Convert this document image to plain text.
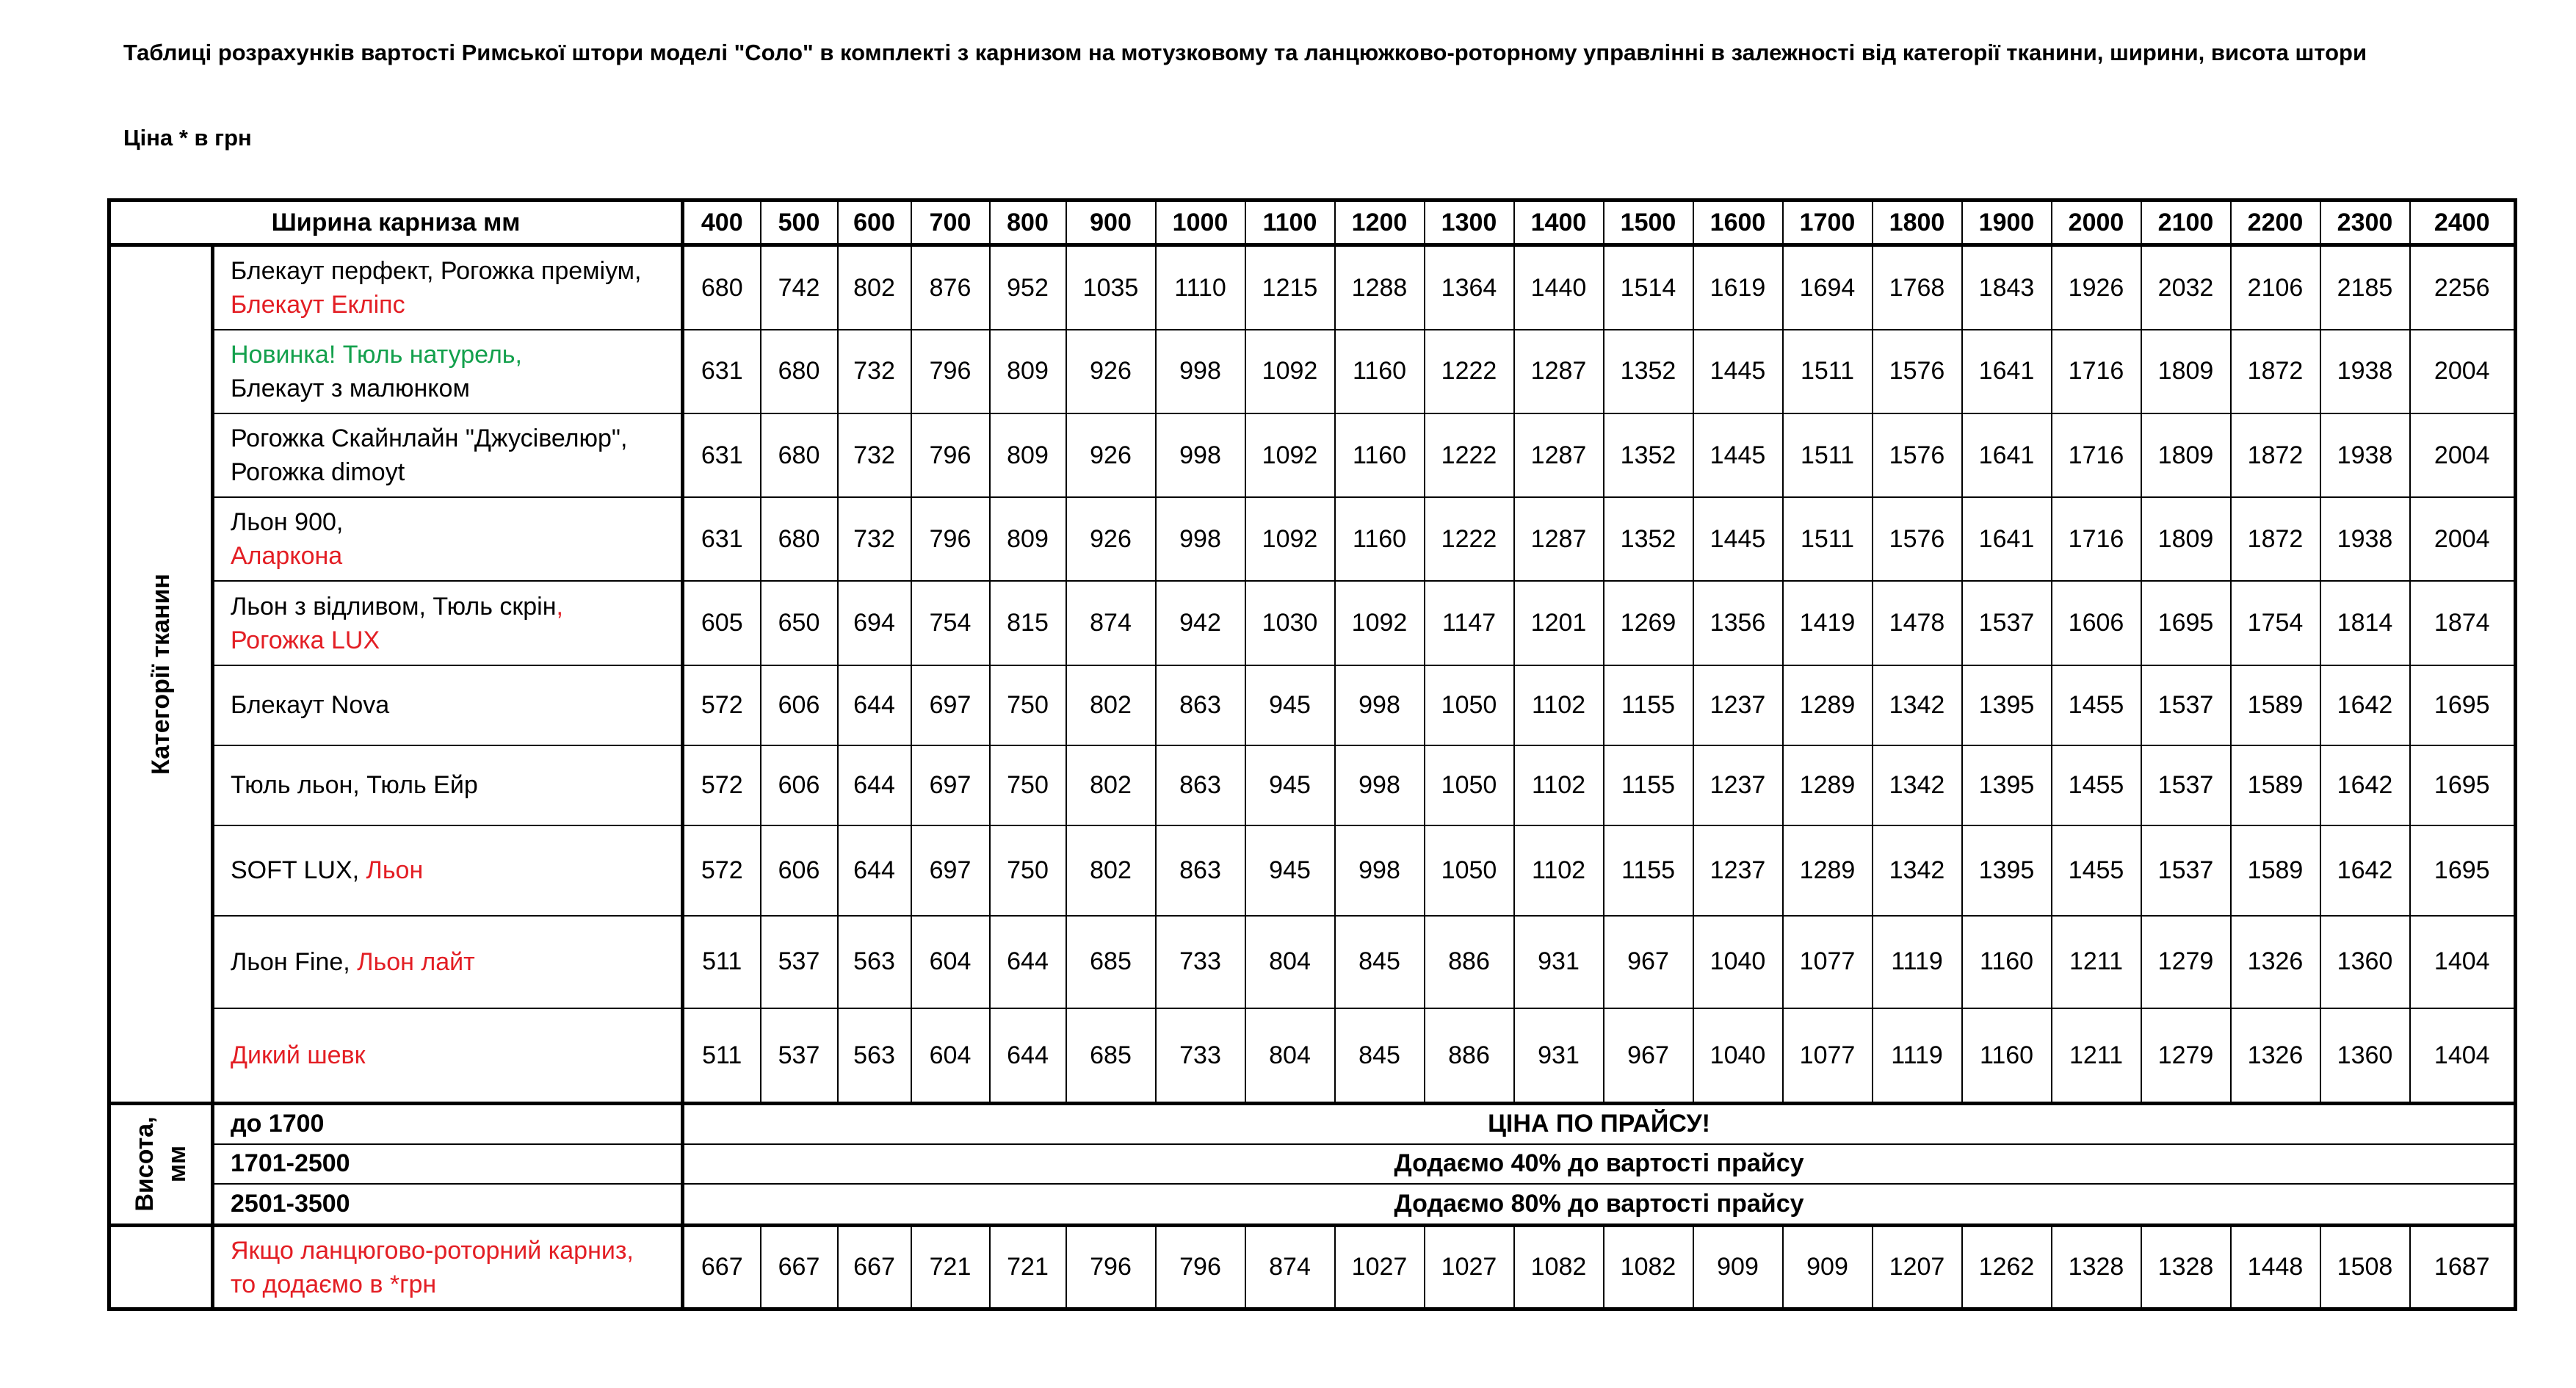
Таблиці розрахунків вартості Римської штори моделі "Соло" в комплекті з карнизом на мотузковому та ланцюжково-роторному управлінні в залежності від категорії тканини, ширини, висота штори
Ціна * в грн
Ширина карниза мм		400	500	600	700	800	900	1000	1100	1200	1300	1400	1500	1600	1700	1800	1900	2000	2100	2200	2300	2400

Категорії тканин	Блекаут перфект, Рогожка преміум,
Блекаут Екліпс	680	742	802	876	952	1035	1110	1215	1288	1364	1440	1514	1619	1694	1768	1843	1926	2032	2106	2185	2256
	Новинка! Тюль натурель,
Блекаут з малюнком	631	680	732	796	809	926	998	1092	1160	1222	1287	1352	1445	1511	1576	1641	1716	1809	1872	1938	2004
	Рогожка Скайнлайн "Джусівелюр",
Рогожка dimoyt	631	680	732	796	809	926	998	1092	1160	1222	1287	1352	1445	1511	1576	1641	1716	1809	1872	1938	2004
	Льон 900,
Аларкона	631	680	732	796	809	926	998	1092	1160	1222	1287	1352	1445	1511	1576	1641	1716	1809	1872	1938	2004
	Льон з відливом, Тюль скрін,
Рогожка LUX	605	650	694	754	815	874	942	1030	1092	1147	1201	1269	1356	1419	1478	1537	1606	1695	1754	1814	1874
	Блекаут Nova	572	606	644	697	750	802	863	945	998	1050	1102	1155	1237	1289	1342	1395	1455	1537	1589	1642	1695
	Тюль льон, Тюль Ейр	572	606	644	697	750	802	863	945	998	1050	1102	1155	1237	1289	1342	1395	1455	1537	1589	1642	1695
	SOFT LUX, Льон	572	606	644	697	750	802	863	945	998	1050	1102	1155	1237	1289	1342	1395	1455	1537	1589	1642	1695
	Льон Fine, Льон лайт	511	537	563	604	644	685	733	804	845	886	931	967	1040	1077	1119	1160	1211	1279	1326	1360	1404
	Дикий шевк	511	537	563	604	644	685	733	804	845	886	931	967	1040	1077	1119	1160	1211	1279	1326	1360	1404

Висота, мм	до 1700	ЦІНА ПО ПРАЙСУ!																				
	1701-2500	Додаємо 40% до вартості прайсу																				
	2501-3500	Додаємо 80% до вартості прайсу																				
	Якщо ланцюгово-роторний карниз,
то додаємо в *грн	667	667	667	721	721	796	796	874	1027	1027	1082	1082	909	909	1207	1262	1328	1328	1448	1508	1687
